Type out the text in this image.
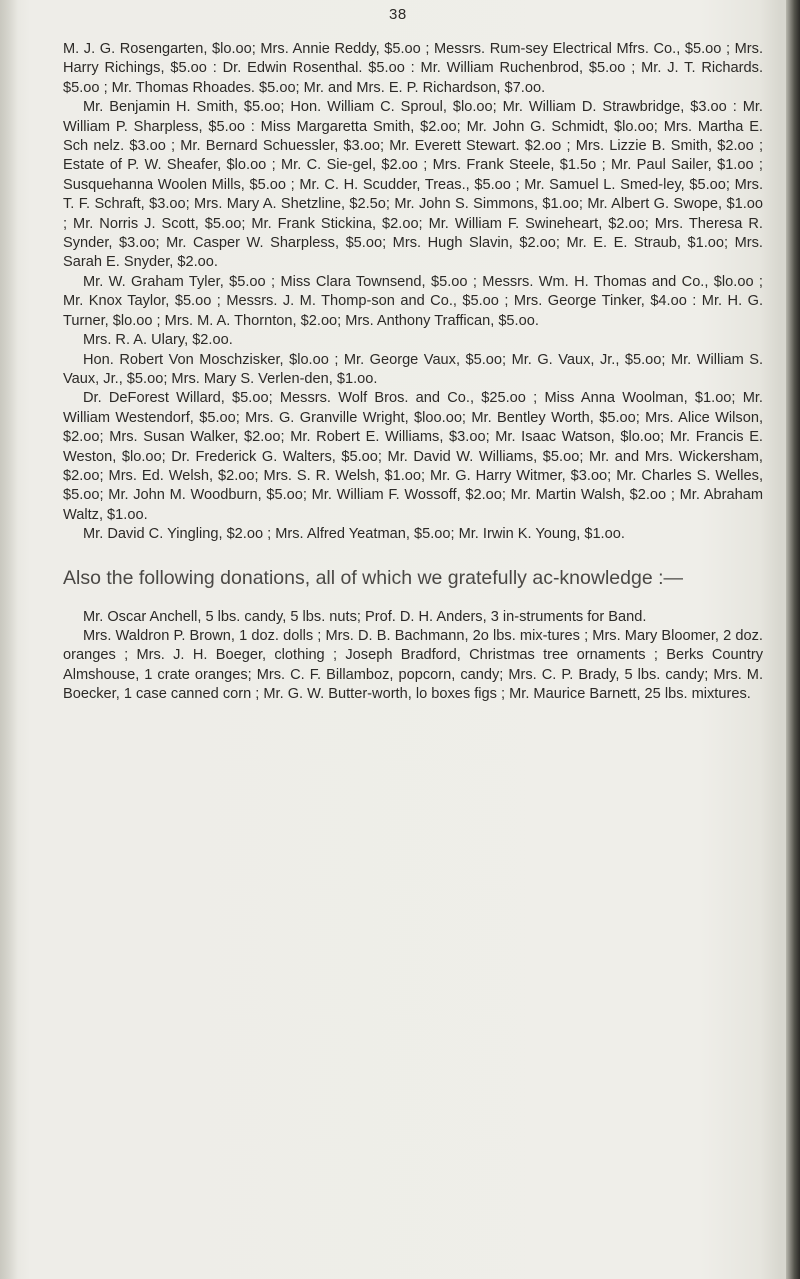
38

M. J. G. Rosengarten, $lo.oo; Mrs. Annie Reddy, $5.oo ; Messrs. Rum-sey Electrical Mfrs. Co., $5.oo ; Mrs. Harry Richings, $5.oo : Dr. Edwin Rosenthal. $5.oo : Mr. William Ruchenbrod, $5.oo ; Mr. J. T. Richards. $5.oo ; Mr. Thomas Rhoades. $5.oo; Mr. and Mrs. E. P. Richardson, $7.oo.

Mr. Benjamin H. Smith, $5.oo; Hon. William C. Sproul, $lo.oo; Mr. William D. Strawbridge, $3.oo : Mr. William P. Sharpless, $5.oo : Miss Margaretta Smith, $2.oo; Mr. John G. Schmidt, $lo.oo; Mrs. Martha E. Sch nelz. $3.oo ; Mr. Bernard Schuessler, $3.oo; Mr. Everett Stewart. $2.oo ; Mrs. Lizzie B. Smith, $2.oo ; Estate of P. W. Sheafer, $lo.oo ; Mr. C. Sie-gel, $2.oo ; Mrs. Frank Steele, $1.5o ; Mr. Paul Sailer, $1.oo ; Susquehanna Woolen Mills, $5.oo ; Mr. C. H. Scudder, Treas., $5.oo ; Mr. Samuel L. Smed-ley, $5.oo; Mrs. T. F. Schraft, $3.oo; Mrs. Mary A. Shetzline, $2.5o; Mr. John S. Simmons, $1.oo; Mr. Albert G. Swope, $1.oo ; Mr. Norris J. Scott, $5.oo; Mr. Frank Stickina, $2.oo; Mr. William F. Swineheart, $2.oo; Mrs. Theresa R. Synder, $3.oo; Mr. Casper W. Sharpless, $5.oo; Mrs. Hugh Slavin, $2.oo; Mr. E. E. Straub, $1.oo; Mrs. Sarah E. Snyder, $2.oo.

Mr. W. Graham Tyler, $5.oo ; Miss Clara Townsend, $5.oo ; Messrs. Wm. H. Thomas and Co., $lo.oo ; Mr. Knox Taylor, $5.oo ; Messrs. J. M. Thomp-son and Co., $5.oo ; Mrs. George Tinker, $4.oo : Mr. H. G. Turner, $lo.oo ; Mrs. M. A. Thornton, $2.oo; Mrs. Anthony Traffican, $5.oo.

Mrs. R. A. Ulary, $2.oo.

Hon. Robert Von Moschzisker, $lo.oo ; Mr. George Vaux, $5.oo; Mr. G. Vaux, Jr., $5.oo; Mr. William S. Vaux, Jr., $5.oo; Mrs. Mary S. Verlen-den, $1.oo.

Dr. DeForest Willard, $5.oo; Messrs. Wolf Bros. and Co., $25.oo ; Miss Anna Woolman, $1.oo; Mr. William Westendorf, $5.oo; Mrs. G. Granville Wright, $loo.oo; Mr. Bentley Worth, $5.oo; Mrs. Alice Wilson, $2.oo; Mrs. Susan Walker, $2.oo; Mr. Robert E. Williams, $3.oo; Mr. Isaac Watson, $lo.oo; Mr. Francis E. Weston, $lo.oo; Dr. Frederick G. Walters, $5.oo; Mr. David W. Williams, $5.oo; Mr. and Mrs. Wickersham, $2.oo; Mrs. Ed. Welsh, $2.oo; Mrs. S. R. Welsh, $1.oo; Mr. G. Harry Witmer, $3.oo; Mr. Charles S. Welles, $5.oo; Mr. John M. Woodburn, $5.oo; Mr. William F. Wossoff, $2.oo; Mr. Martin Walsh, $2.oo ; Mr. Abraham Waltz, $1.oo.

Mr. David C. Yingling, $2.oo ; Mrs. Alfred Yeatman, $5.oo; Mr. Irwin K. Young, $1.oo.

Also the following donations, all of which we gratefully ac-knowledge :—

Mr. Oscar Anchell, 5 lbs. candy, 5 lbs. nuts; Prof. D. H. Anders, 3 in-struments for Band.

Mrs. Waldron P. Brown, 1 doz. dolls ; Mrs. D. B. Bachmann, 2o lbs. mix-tures ; Mrs. Mary Bloomer, 2 doz. oranges ; Mrs. J. H. Boeger, clothing ; Joseph Bradford, Christmas tree ornaments ; Berks Country Almshouse, 1 crate oranges; Mrs. C. F. Billamboz, popcorn, candy; Mrs. C. P. Brady, 5 lbs. candy; Mrs. M. Boecker, 1 case canned corn ; Mr. G. W. Butter-worth, lo boxes figs ; Mr. Maurice Barnett, 25 lbs. mixtures.
